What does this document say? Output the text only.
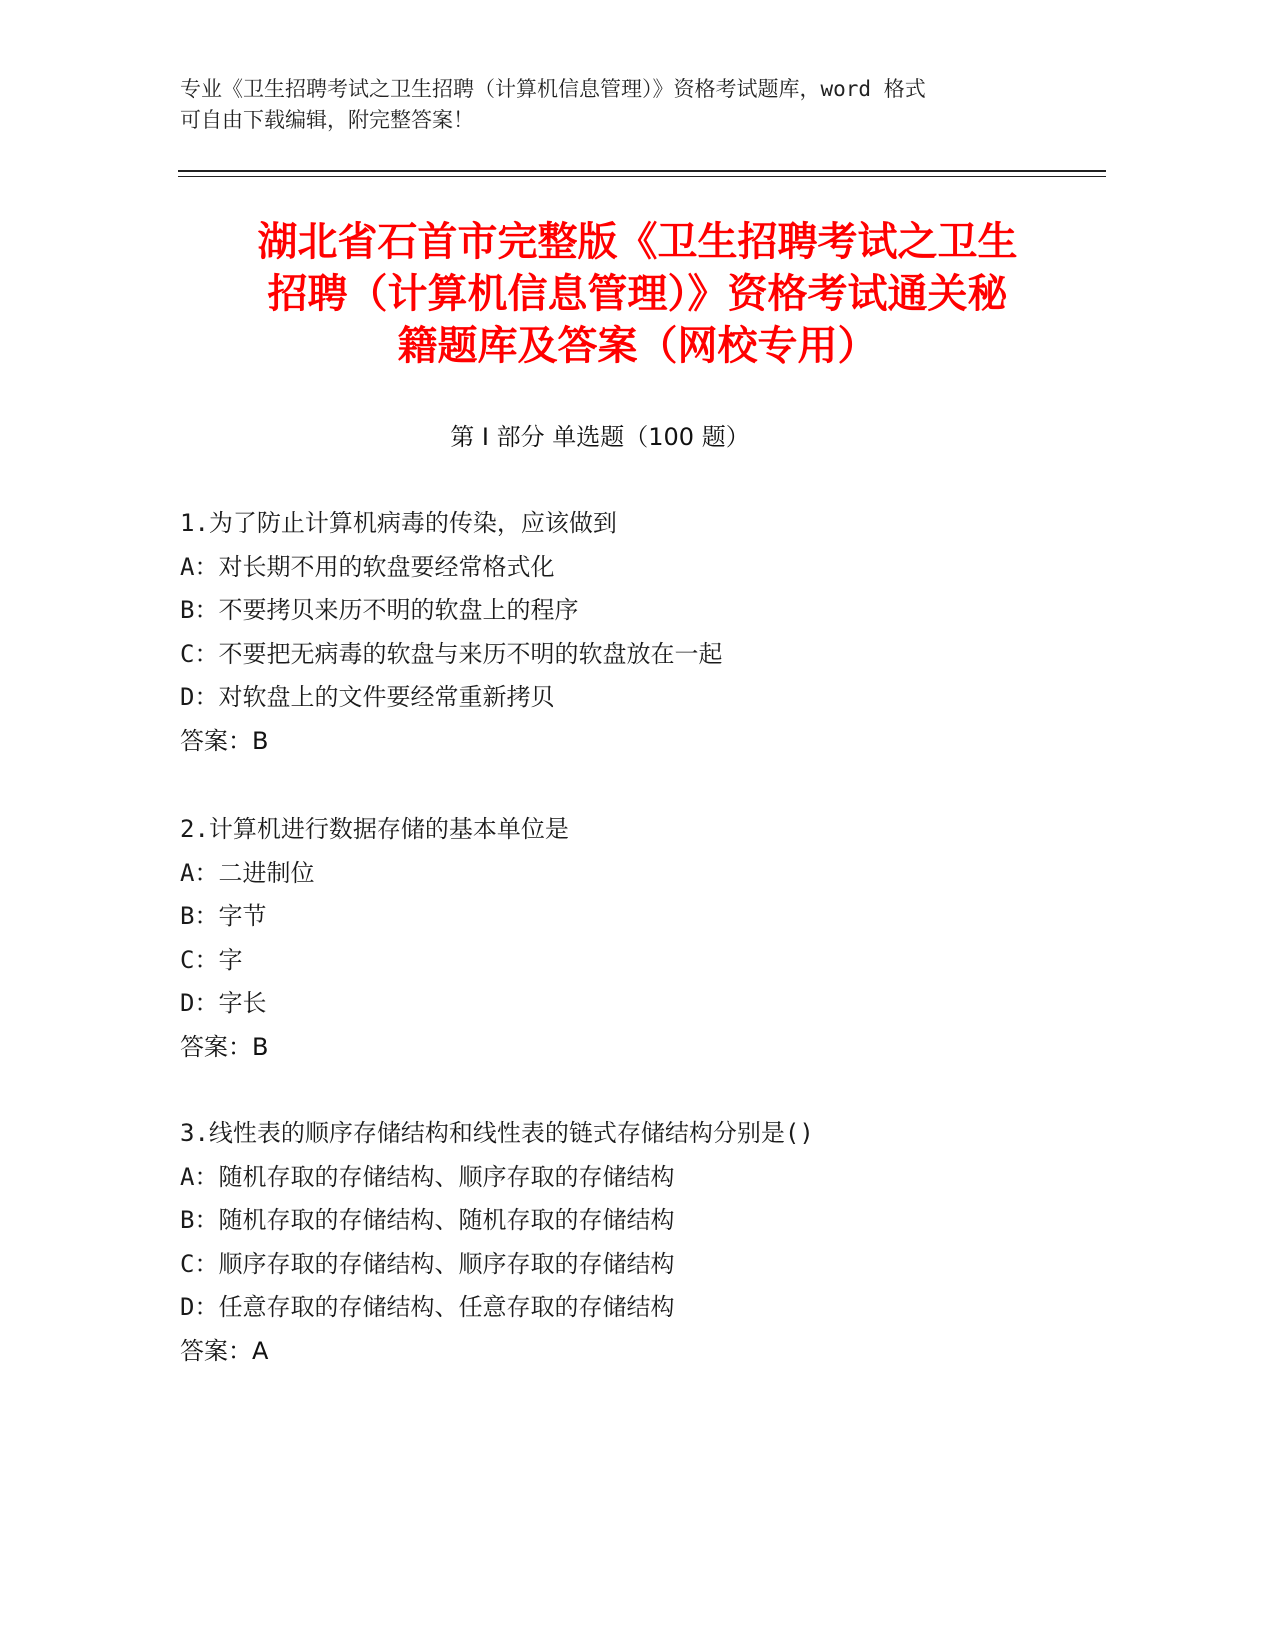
专业《卫生招聘考试之卫生招聘（计算机信息管理）》资格考试题库，word 格式
可自由下载编辑，附完整答案！
湖北省石首市完整版《卫生招聘考试之卫生
招聘（计算机信息管理）》资格考试通关秘
籍题库及答案（网校专用）
第 I 部分 单选题（100 题）
1.为了防止计算机病毒的传染，应该做到
A：对长期不用的软盘要经常格式化
B：不要拷贝来历不明的软盘上的程序
C：不要把无病毒的软盘与来历不明的软盘放在一起
D：对软盘上的文件要经常重新拷贝
答案：B
2.计算机进行数据存储的基本单位是
A：二进制位
B：字节
C：字
D：字长
答案：B
3.线性表的顺序存储结构和线性表的链式存储结构分别是()
A：随机存取的存储结构、顺序存取的存储结构
B：随机存取的存储结构、随机存取的存储结构
C：顺序存取的存储结构、顺序存取的存储结构
D：任意存取的存储结构、任意存取的存储结构
答案：A
